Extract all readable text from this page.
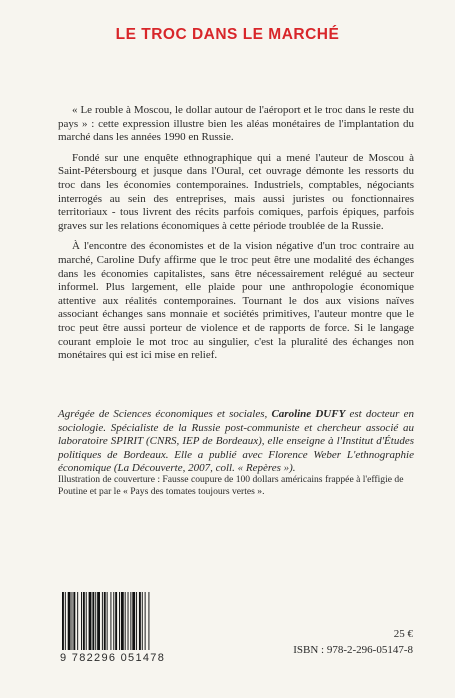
LE TROC DANS LE MARCHÉ

« Le rouble à Moscou, le dollar autour de l'aéroport et le troc dans le reste du pays » : cette expression illustre bien les aléas monétaires de l'implantation du marché dans les années 1990 en Russie.

Fondé sur une enquête ethnographique qui a mené l'auteur de Moscou à Saint-Pétersbourg et jusque dans l'Oural, cet ouvrage démonte les ressorts du troc dans les économies contemporaines. Industriels, comptables, négociants interrogés au sein des entreprises, mais aussi juristes ou fonctionnaires territoriaux - tous livrent des récits parfois comiques, parfois épiques, parfois graves sur les relations économiques à cette période troublée de la Russie.

À l'encontre des économistes et de la vision négative d'un troc contraire au marché, Caroline Dufy affirme que le troc peut être une modalité des échanges dans les économies capitalistes, sans être nécessairement relégué au secteur informel. Plus largement, elle plaide pour une anthropologie économique attentive aux réalités contemporaines. Tournant le dos aux visions naïves associant échanges sans monnaie et sociétés primitives, l'auteur montre que le troc peut être aussi porteur de violence et de rapports de force. Si le langage courant emploie le mot troc au singulier, c'est la pluralité des échanges non monétaires qui est ici mise en relief.

Agrégée de Sciences économiques et sociales, Caroline DUFY est docteur en sociologie. Spécialiste de la Russie post-communiste et chercheur associé au laboratoire SPIRIT (CNRS, IEP de Bordeaux), elle enseigne à l'Institut d'Études politiques de Bordeaux. Elle a publié avec Florence Weber L'ethnographie économique (La Découverte, 2007, coll. « Repères »).

Illustration de couverture : Fausse coupure de 100 dollars américains frappée à l'effigie de Poutine et par le « Pays des tomates toujours vertes ».
9 782296 051478
25 €
ISBN : 978-2-296-05147-8
